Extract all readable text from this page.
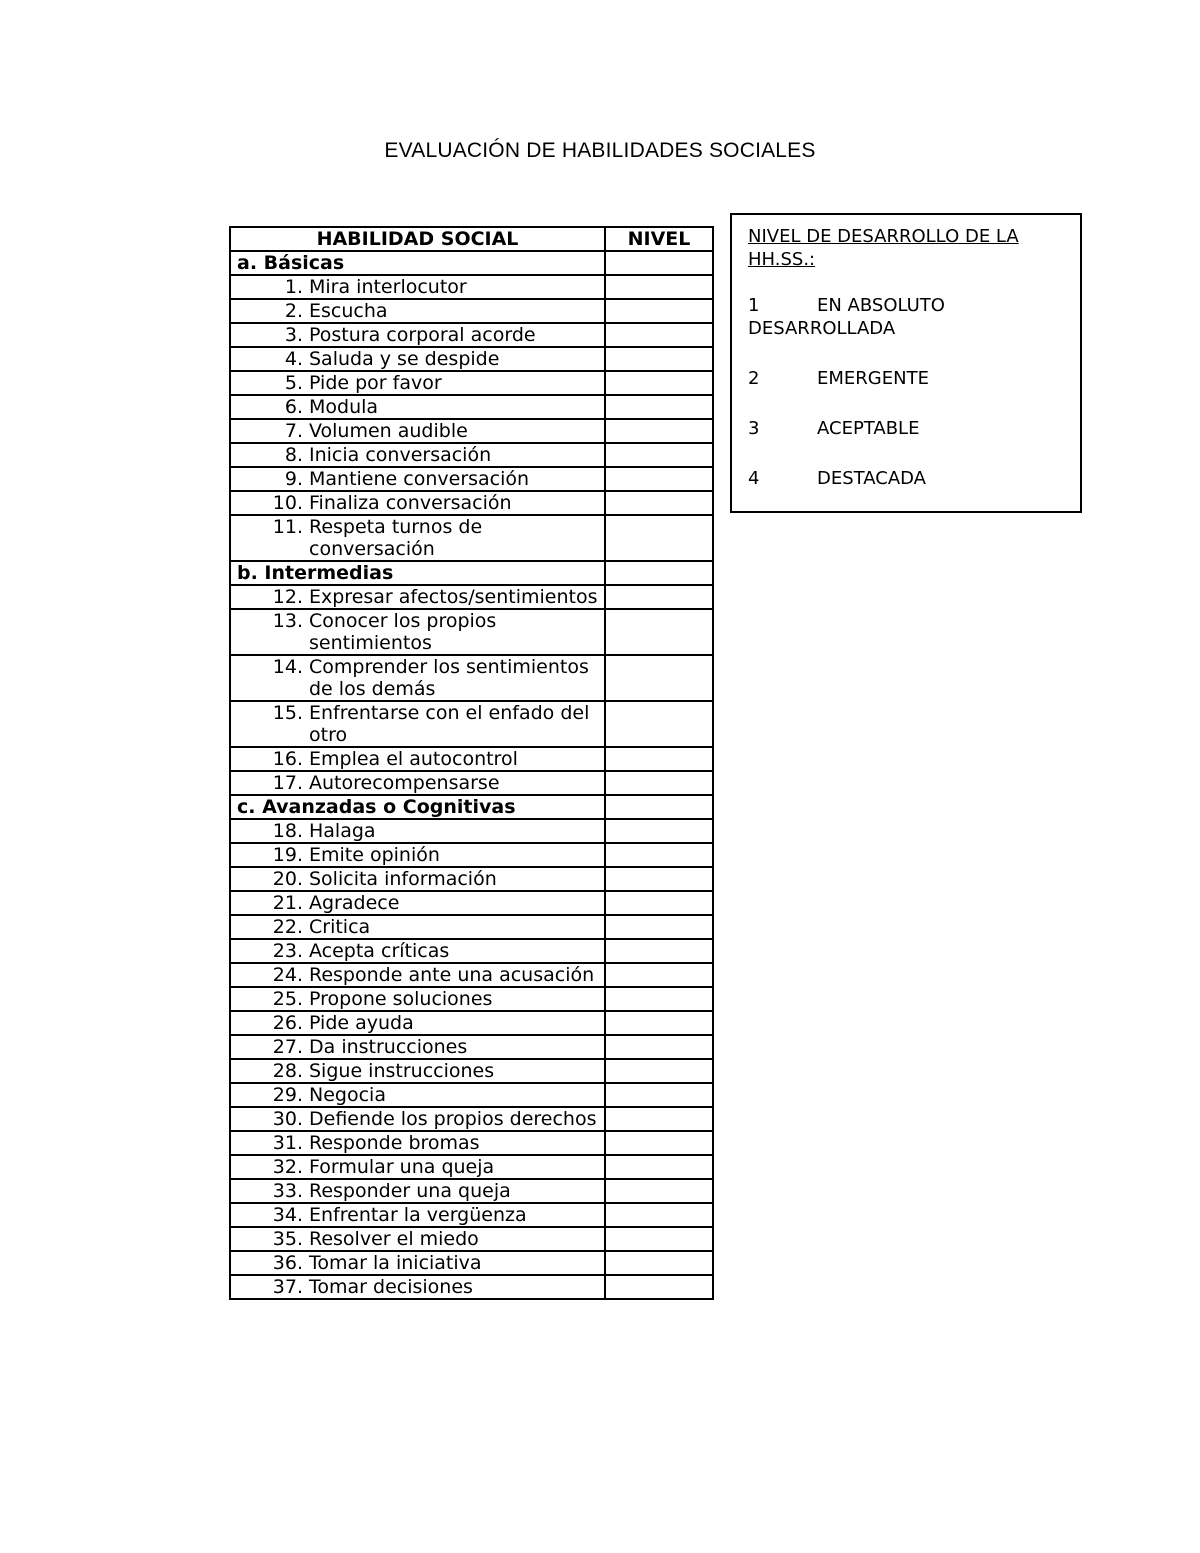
EVALUACIÓN DE HABILIDADES SOCIALES
HABILIDAD SOCIAL	NIVEL
a. Básicas	

1. Mira interlocutor	

2. Escucha	

3. Postura corporal acorde	

4. Saluda y se despide	

5. Pide por favor	

6. Modula	

7. Volumen audible	

8. Inicia conversación	

9. Mantiene conversación	

10. Finaliza conversación	

11. Respeta turnos de conversación	

b. Intermedias	

12. Expresar afectos/sentimientos	

13. Conocer los propios sentimientos	

14. Comprender los sentimientos de los demás	

15. Enfrentarse con el enfado del otro	

16. Emplea el autocontrol	

17. Autorecompensarse	

c. Avanzadas o Cognitivas	

18. Halaga	

19. Emite opinión	

20. Solicita información	

21. Agradece	

22. Critica	

23. Acepta críticas	

24. Responde ante una acusación	

25. Propone soluciones	

26. Pide ayuda	

27. Da instrucciones	

28. Sigue instrucciones	

29. Negocia	

30. Defiende los propios derechos	

31. Responde bromas	

32. Formular una queja	

33. Responder una queja	

34. Enfrentar la vergüenza	

35. Resolver el miedo	

36. Tomar la iniciativa	

37. Tomar decisiones	

NIVEL DE DESARROLLO DE LA HH.SS.:
1	EN ABSOLUTO DESARROLLADA
2	EMERGENTE
3	ACEPTABLE
4	DESTACADA
